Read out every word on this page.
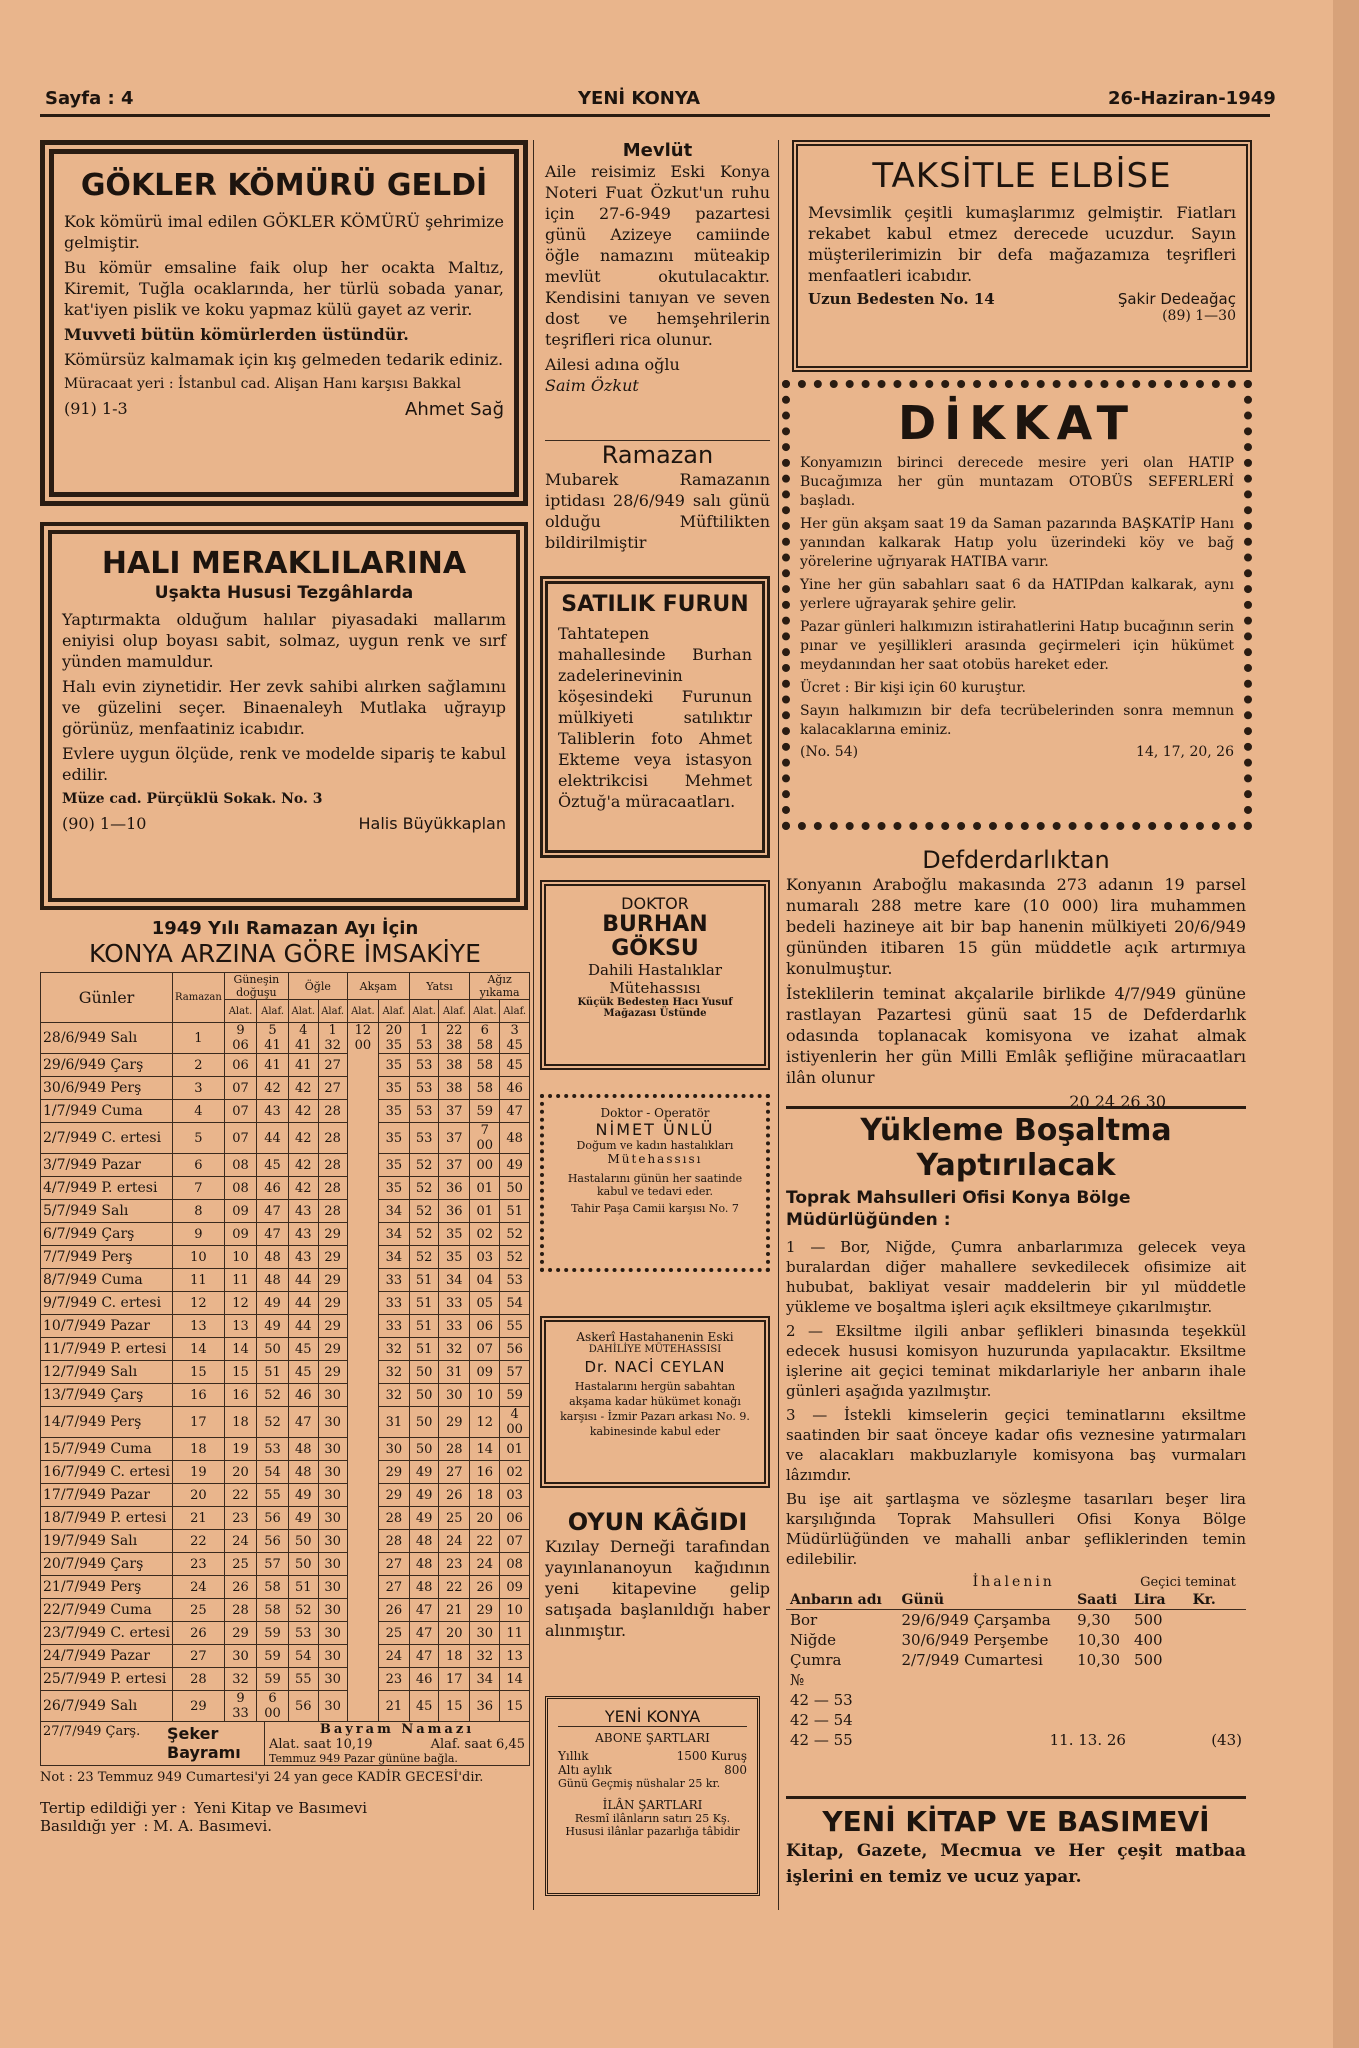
Sayfa : 4	YENİ KONYA	26-Haziran-1949
GÖKLER KÖMÜRÜ GELDİ

Kok kömürü imal edilen GÖKLER KÖMÜRÜ şehrimize gelmiştir.

Bu kömür emsaline faik olup her ocakta Maltız, Kiremit, Tuğla ocaklarında, her türlü sobada yanar, kat'iyen pislik ve koku yapmaz külü gayet az verir.

Muvveti bütün kömürlerden üstündür.

Kömürsüz kalmamak için kış gelmeden tedarik ediniz.

Müracaat yeri : İstanbul cad. Alişan Hanı karşısı Bakkal

(91) 1-3	Ahmet Sağ
HALI MERAKLILARINA
Uşakta Hususi Tezgâhlarda

Yaptırmakta olduğum halılar piyasadaki mallarım eniyisi olup boyası sabit, solmaz, uygun renk ve sırf yünden mamuldur.

Halı evin ziynetidir. Her zevk sahibi alırken sağlamını ve güzelini seçer. Binaenaleyh Mutlaka uğrayıp görünüz, menfaatiniz icabıdır.

Evlere uygun ölçüde, renk ve modelde sipariş te kabul edilir.

Müze cad. Pürçüklü Sokak. No. 3

(90) 1—10	Halis Büyükkaplan
1949 Yılı Ramazan Ayı İçin
KONYA ARZINA GÖRE İMSAKİYE
Günler	Ramazan	Güneşin doğuşu		Öğle		Akşam		Yatsı		Ağız yıkama	
		Alat.	Alaf.	Alat.	Alaf.	Alat.	Alaf.	Alat.	Alaf.	Alat.	Alaf.
28/6/949 Salı	1	9 06	5 41	4 41	1 32	12 00	20 35	1 53	22 38	6 58	3 45
29/6/949 Çarş	2	06	41	41	27		35	53	38	58	45
30/6/949 Perş	3	07	42	42	27		35	53	38	58	46
1/7/949 Cuma	4	07	43	42	28		35	53	37	59	47
2/7/949 C. ertesi	5	07	44	42	28		35	53	37	7 00	48
3/7/949 Pazar	6	08	45	42	28		35	52	37	00	49
4/7/949 P. ertesi	7	08	46	42	28		35	52	36	01	50
5/7/949 Salı	8	09	47	43	28		34	52	36	01	51
6/7/949 Çarş	9	09	47	43	29		34	52	35	02	52
7/7/949 Perş	10	10	48	43	29		34	52	35	03	52
8/7/949 Cuma	11	11	48	44	29		33	51	34	04	53
9/7/949 C. ertesi	12	12	49	44	29		33	51	33	05	54
10/7/949 Pazar	13	13	49	44	29		33	51	33	06	55
11/7/949 P. ertesi	14	14	50	45	29		32	51	32	07	56
12/7/949 Salı	15	15	51	45	29		32	50	31	09	57
13/7/949 Çarş	16	16	52	46	30		32	50	30	10	59
14/7/949 Perş	17	18	52	47	30		31	50	29	12	4 00
15/7/949 Cuma	18	19	53	48	30		30	50	28	14	01
16/7/949 C. ertesi	19	20	54	48	30		29	49	27	16	02
17/7/949 Pazar	20	22	55	49	30		29	49	26	18	03
18/7/949 P. ertesi	21	23	56	49	30		28	49	25	20	06
19/7/949 Salı	22	24	56	50	30		28	48	24	22	07
20/7/949 Çarş	23	25	57	50	30		27	48	23	24	08
21/7/949 Perş	24	26	58	51	30		27	48	22	26	09
22/7/949 Cuma	25	28	58	52	30		26	47	21	29	10
23/7/949 C. ertesi	26	29	59	53	30		25	47	20	30	11
24/7/949 Pazar	27	30	59	54	30		24	47	18	32	13
25/7/949 P. ertesi	28	32	59	55	30		23	46	17	34	14
26/7/949 Salı	29	9 33	6 00	56	30		21	45	15	36	15
27/7/949 Çarş.	Şeker Bayramı
Bayram Namazı
Alat. saat 10,19	Alaf. saat 6,45
Temmuz 949 Pazar gününe bağla.
Not : 23 Temmuz 949 Cumartesi'yi 24 yan gece KADİR GECESİ'dir.
Tertip edildiği yer : Yeni Kitap ve Basımevi
Basıldığı yer : M. A. Basımevi.
Mevlüt

Aile reisimiz Eski Konya Noteri Fuat Özkut'un ruhu için 27-6-949 pazartesi günü Azizeye camiinde öğle namazını müteakip mevlüt okutulacaktır. Kendisini tanıyan ve seven dost ve hemşehrilerin teşrifleri rica olunur.

Ailesi adına oğlu

Saim Özkut

Ramazan

Mubarek Ramazanın iptidası 28/6/949 salı günü olduğu Müftilikten bildirilmiştir

SATILIK FURUN

Tahtatepen mahallesinde Burhan zadelerinevinin köşesindeki Furunun mülkiyeti satılıktır Taliblerin foto Ahmet Ekteme veya istasyon elektrikcisi Mehmet Öztuğ'a müracaatları.

DOKTOR
BURHAN
GÖKSU
Dahili Hastalıklar
Mütehassısı
Küçük Bedesten Hacı Yusuf Mağazası Üstünde
Doktor - Operatör
NİMET ÜNLÜ
Doğum ve kadın hastalıkları
Mütehassısı
Hastalarını günün her saatinde kabul ve tedavi eder.
Tahir Paşa Camii karşısı No. 7
Askerî Hastahanenin Eski
DAHİLİYE MÜTEHASSISI
Dr. NACİ CEYLAN
Hastalarını hergün sabahtan akşama kadar hükümet konağı karşısı - İzmir Pazarı arkası No. 9. kabinesinde kabul eder
OYUN KÂĞIDI

Kızılay Derneği tarafından yayınlananoyun kağıdının yeni kitapevine gelip satışada başlanıldığı haber alınmıştır.

YENİ KONYA
ABONE ŞARTLARI
Yıllık	1500 Kuruş
Altı aylık	800
Günü Geçmiş nüshalar 25 kr.
İLÂN ŞARTLARI
Resmî ilânların satırı 25 Kş. Hususi ilânlar pazarlığa tâbidir
TAKSİTLE ELBİSE

Mevsimlik çeşitli kumaşlarımız gelmiştir. Fiatları rekabet kabul etmez derecede ucuzdur. Sayın müşterilerimizin bir defa mağazamıza teşrifleri menfaatleri icabıdır.

Uzun Bedesten No. 14	Şakir Dedeağaç
(89) 1—30
DİKKAT

Konyamızın birinci derecede mesire yeri olan HATIP Bucağımıza her gün muntazam OTOBÜS SEFERLERİ başladı.

Her gün akşam saat 19 da Saman pazarında BAŞKATİP Hanı yanından kalkarak Hatıp yolu üzerindeki köy ve bağ yörelerine uğrıyarak HATIBA varır.

Yine her gün sabahları saat 6 da HATIPdan kalkarak, aynı yerlere uğrayarak şehire gelir.

Pazar günleri halkımızın istirahatlerini Hatıp bucağının serin pınar ve yeşillikleri arasında geçirmeleri için hükümet meydanından her saat otobüs hareket eder.

Ücret : Bir kişi için 60 kuruştur.

Sayın halkımızın bir defa tecrübelerinden sonra memnun kalacaklarına eminiz.

(No. 54)	14, 17, 20, 26
Defderdarlıktan

Konyanın Araboğlu makasında 273 adanın 19 parsel numaralı 288 metre kare (10 000) lira muhammen bedeli hazineye ait bir bap hanenin mülkiyeti 20/6/949 gününden itibaren 15 gün müddetle açık artırmıya konulmuştur.

İsteklilerin teminat akçalarile birlikde 4/7/949 gününe rastlayan Pazartesi günü saat 15 de Defderdarlık odasında toplanacak komisyona ve izahat almak istiyenlerin her gün Milli Emlâk şefliğine müracaatları ilân olunur

20 24 26 30
Yükleme Boşaltma Yaptırılacak
Toprak Mahsulleri Ofisi Konya Bölge Müdürlüğünden :

1 — Bor, Niğde, Çumra anbarlarımıza gelecek veya buralardan diğer mahallere sevkedilecek ofisimize ait hububat, bakliyat vesair maddelerin bir yıl müddetle yükleme ve boşaltma işleri açık eksiltmeye çıkarılmıştır.

2 — Eksiltme ilgili anbar şeflikleri binasında teşekkül edecek hususi komisyon huzurunda yapılacaktır. Eksiltme işlerine ait geçici teminat mikdarlariyle her anbarın ihale günleri aşağıda yazılmıştır.

3 — İstekli kimselerin geçici teminatlarını eksiltme saatinden bir saat önceye kadar ofis veznesine yatırmaları ve alacakları makbuzlarıyle komisyona baş vurmaları lâzımdır.

Bu işe ait şartlaşma ve sözleşme tasarıları beşer lira karşılığında Toprak Mahsulleri Ofisi Konya Bölge Müdürlüğünden ve mahalli anbar şefliklerinden temin edilebilir.

	İhalenin		Geçici teminat	
Anbarın adı	Günü	Saati	Lira	Kr.
Bor	29/6/949 Çarşamba	9,30	500	
Niğde	30/6/949 Perşembe	10,30	400	
Çumra	2/7/949 Cumartesi	10,30	500	
№				
42 — 53				
42 — 54				
42 — 55	11. 13. 26			(43)
YENİ KİTAP VE BASIMEVİ
Kitap, Gazete, Mecmua ve Her çeşit matbaa işlerini en temiz ve ucuz yapar.
